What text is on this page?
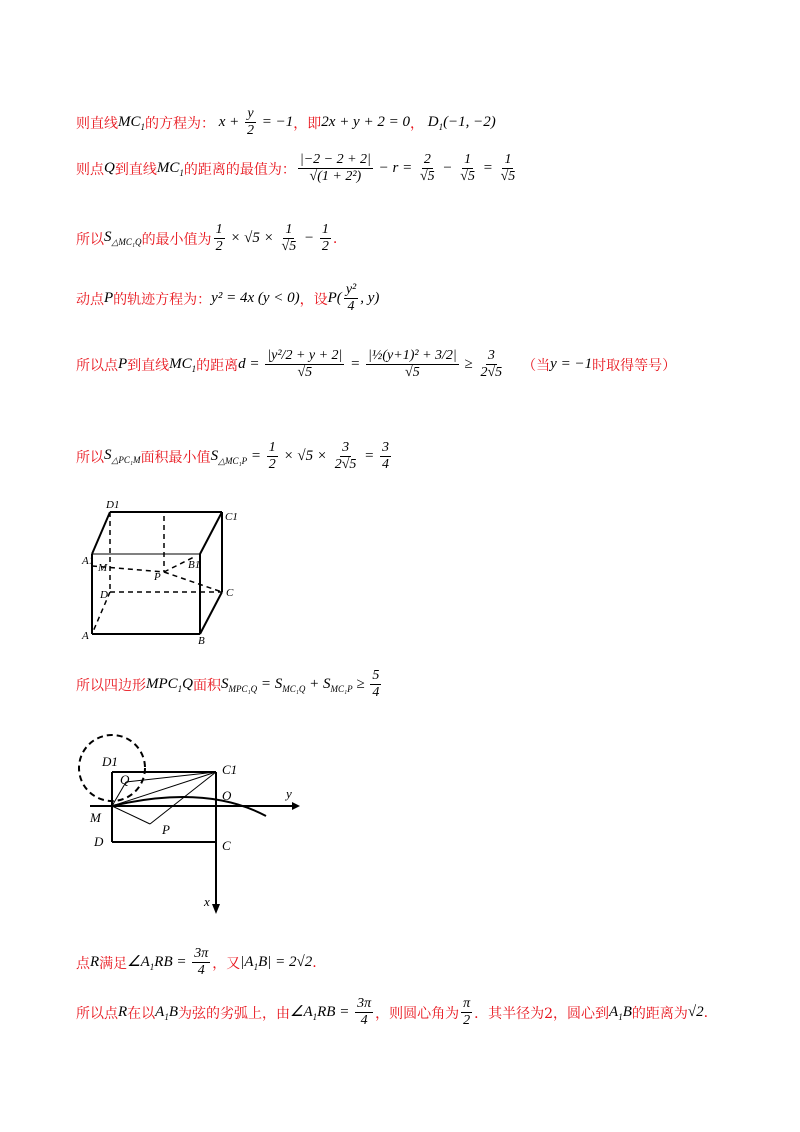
则直线 $MC_1$ 的方程为： $x + \frac{y}{2} = -1$ ，即 2x + y + 2 = 0 ， $D_1(-1$, −2)
则点 Q 到直线 $MC_1$ 的距离的最值为： $\frac{|-2 - 2 + 2|}{\text{√(1 + 2²)}} - r = \frac{2}{√5} - \frac{1}{√5} = \frac{1}{√5}$
所以 $S_{\triangle MC_1Q}$ 的最小值为 $\frac{1}{2} \times √5 \times \frac{1}{√5} - \frac{1}{2}$ .
动点 P 的轨迹方程为： y² = 4x (y < 0) ，设 $P( \frac{\text{y²}}{4}$ , y)
所以点 P 到直线 $MC_1$ 的距离 $d = \frac{\text{|y²/2 + y + 2|}}{√5} = \frac{\text{|½(y+1)² + 3/2|}}{√5} \ge \frac{3}{2√5}$ （当 y = −1 时取得等号）
所以 $S_{\triangle PC_1M}$ 面积最小值 $S_{\triangle MC_1P} = \frac{1}{2} \times √5 \times \frac{3}{2√5} = \frac{3}{4}$
D1
C1
A1
M
P
B1
D	C
A	B
所以四边形 $MPC_1Q$ 面积 $S_{MPC_1Q} = S_{MC_1Q} + S_{MC_1P} \ge \frac{5}{4}$
D1
C1
Q
O	y
M
P
D	C
x
点 R 满足 $\angle A_1RB = \frac{3\pi}{4}$ ，又 $|A_1B| = 2√2$ .
所以点 R 在以 $A_1B$ 为弦的劣弧上，由 $\angle A_1RB = \frac{3\pi}{4}$ ，则圆心角为 $\frac{\pi}{2}$ ．其半径为2，圆心到 $A_1B$ 的距离为 √2 .
